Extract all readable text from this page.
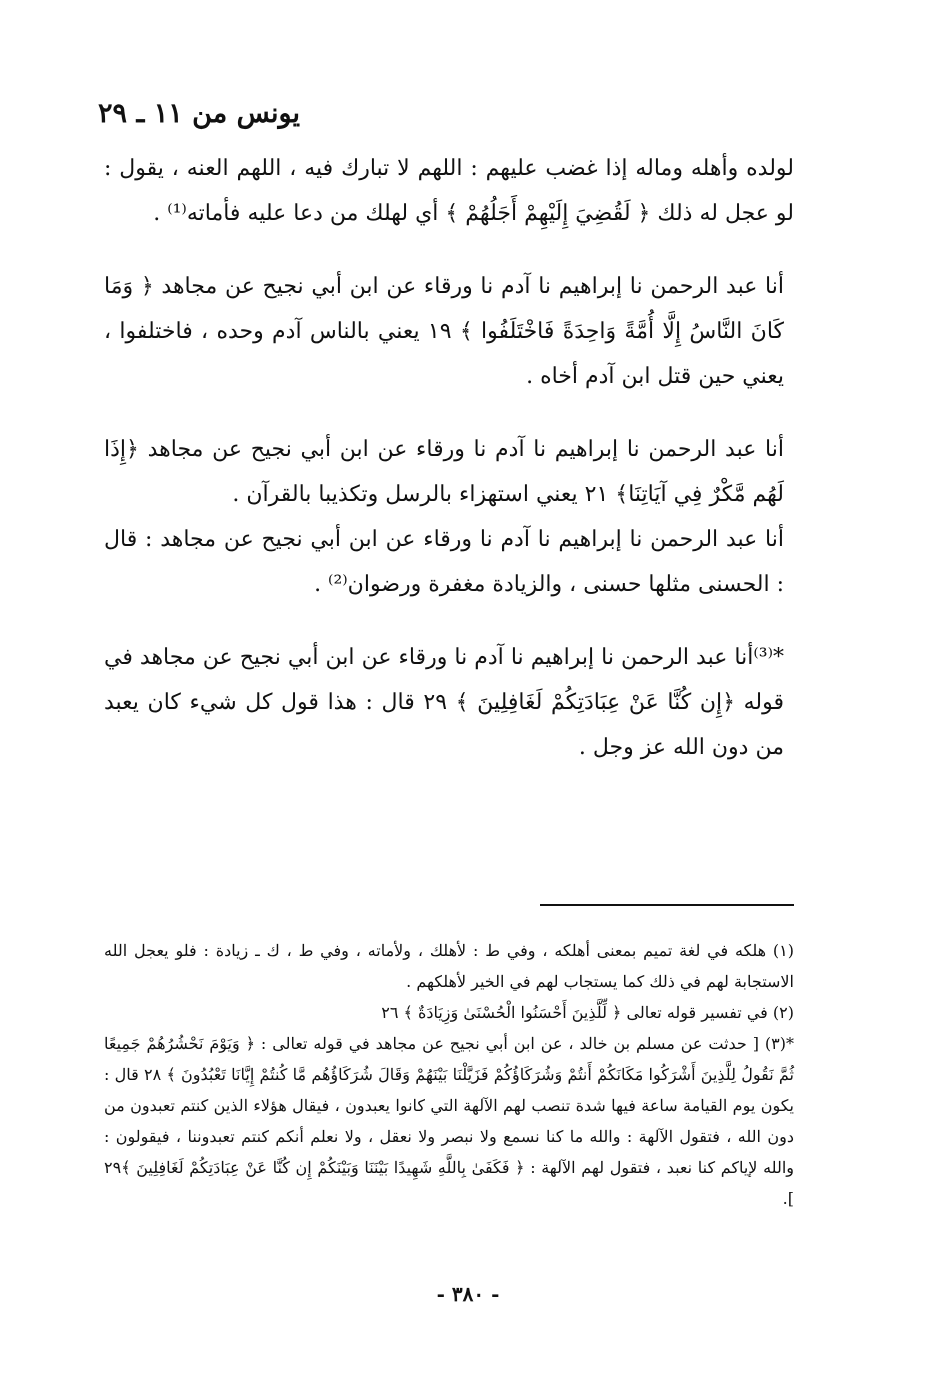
يونس من ١١ ـ ٢٩

لولده وأهله وماله إذا غضب عليهم : اللهم لا تبارك فيه ، اللهم العنه ، يقول : لو عجل له ذلك ﴿ لَقُضِيَ إِلَيْهِمْ أَجَلُهُمْ ﴾ أي لهلك من دعا عليه فأماته⁽¹⁾ .

أنا عبد الرحمن نا إبراهيم نا آدم نا ورقاء عن ابن أبي نجيح عن مجاهد ﴿ وَمَا كَانَ النَّاسُ إِلَّا أُمَّةً وَاحِدَةً فَاخْتَلَفُوا ﴾ ١٩ يعني بالناس آدم وحده ، فاختلفوا ، يعني حين قتل ابن آدم أخاه .

أنا عبد الرحمن نا إبراهيم نا آدم نا ورقاء عن ابن أبي نجيح عن مجاهد ﴿إِذَا لَهُم مَّكْرٌ فِي آيَاتِنَا﴾ ٢١ يعني استهزاء بالرسل وتكذيبا بالقرآن .

أنا عبد الرحمن نا إبراهيم نا آدم نا ورقاء عن ابن أبي نجيح عن مجاهد : قال : الحسنى مثلها حسنى ، والزيادة مغفرة ورضوان⁽²⁾ .

*⁽³⁾أنا عبد الرحمن نا إبراهيم نا آدم نا ورقاء عن ابن أبي نجيح عن مجاهد في قوله ﴿إِن كُنَّا عَنْ عِبَادَتِكُمْ لَغَافِلِينَ ﴾ ٢٩ قال : هذا قول كل شيء كان يعبد من دون الله عز وجل .

(١) هلكه في لغة تميم بمعنى أهلكه ، وفي ط : لأهلك ، ولأماته ، وفي ط ، ك ـ زيادة : فلو يعجل الله الاستجابة لهم في ذلك كما يستجاب لهم في الخير لأهلكهم .

(٢) في تفسير قوله تعالى ﴿ لِّلَّذِينَ أَحْسَنُوا الْحُسْنَىٰ وَزِيَادَةٌ ﴾ ٢٦

*(٣) [ حدثت عن مسلم بن خالد ، عن ابن أبي نجيح عن مجاهد في قوله تعالى : ﴿ وَيَوْمَ نَحْشُرُهُمْ جَمِيعًا ثُمَّ نَقُولُ لِلَّذِينَ أَشْرَكُوا مَكَانَكُمْ أَنتُمْ وَشُرَكَاؤُكُمْ فَزَيَّلْنَا بَيْنَهُمْ وَقَالَ شُرَكَاؤُهُم مَّا كُنتُمْ إِيَّانَا تَعْبُدُونَ ﴾ ٢٨ قال : يكون يوم القيامة ساعة فيها شدة تنصب لهم الآلهة التي كانوا يعبدون ، فيقال هؤلاء الذين كنتم تعبدون من دون الله ، فتقول الآلهة : والله ما كنا نسمع ولا نبصر ولا نعقل ، ولا نعلم أنكم كنتم تعبدوننا ، فيقولون : والله لإياكم كنا نعبد ، فتقول لهم الآلهة : ﴿ فَكَفَىٰ بِاللَّهِ شَهِيدًا بَيْنَنَا وَبَيْنَكُمْ إِن كُنَّا عَنْ عِبَادَتِكُمْ لَغَافِلِينَ ﴾٢٩ ].

- ٣٨٠ -
